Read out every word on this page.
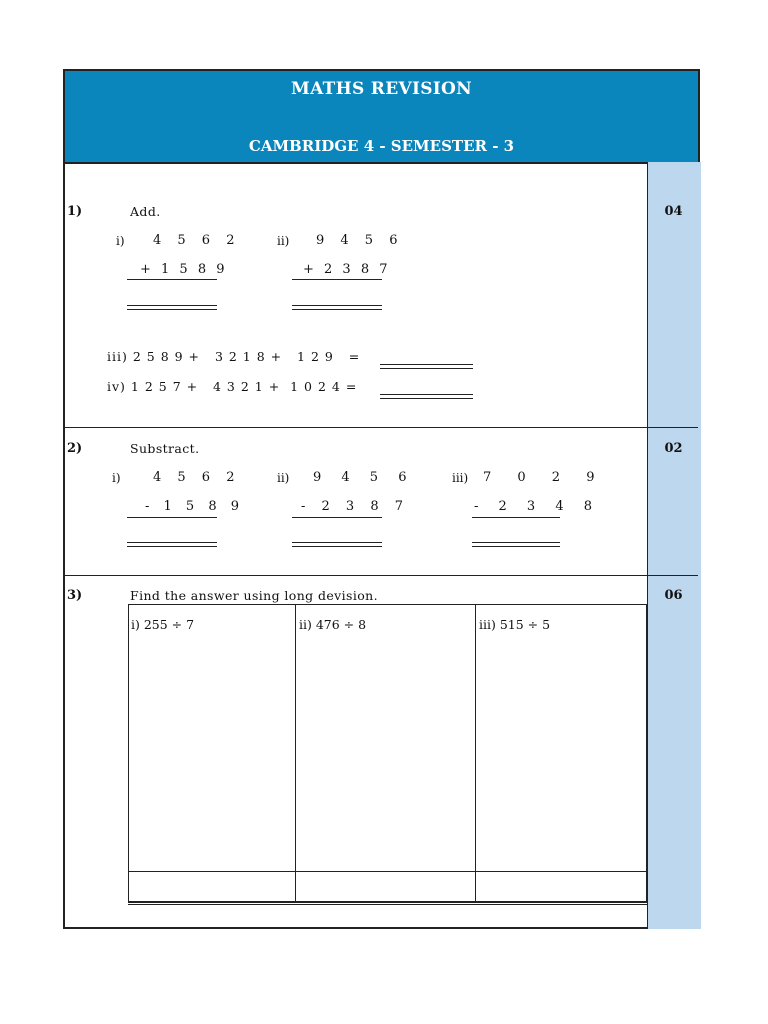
MATHS REVISION
CAMBRIDGE 4 - SEMESTER - 3
1)	Add.	04
i) 4 5 6 2
+ 1 5 8 9
ii) 9 4 5 6
+ 2 3 8 7
iii) 2 5 8 9 +   3 2 1 8 +   1 2 9   =
iv) 1 2 5 7 +   4 3 2 1 +  1 0 2 4 =
2)	Substract.	02
i) 4 5 6 2
- 1 5 8 9
ii) 9 4 5 6
- 2 3 8 7
iii) 7 0 2 9
- 2 3 4 8
3)	Find the answer using long devision.	06
i) 255 ÷ 7	ii) 476 ÷ 8	iii) 515 ÷ 5
